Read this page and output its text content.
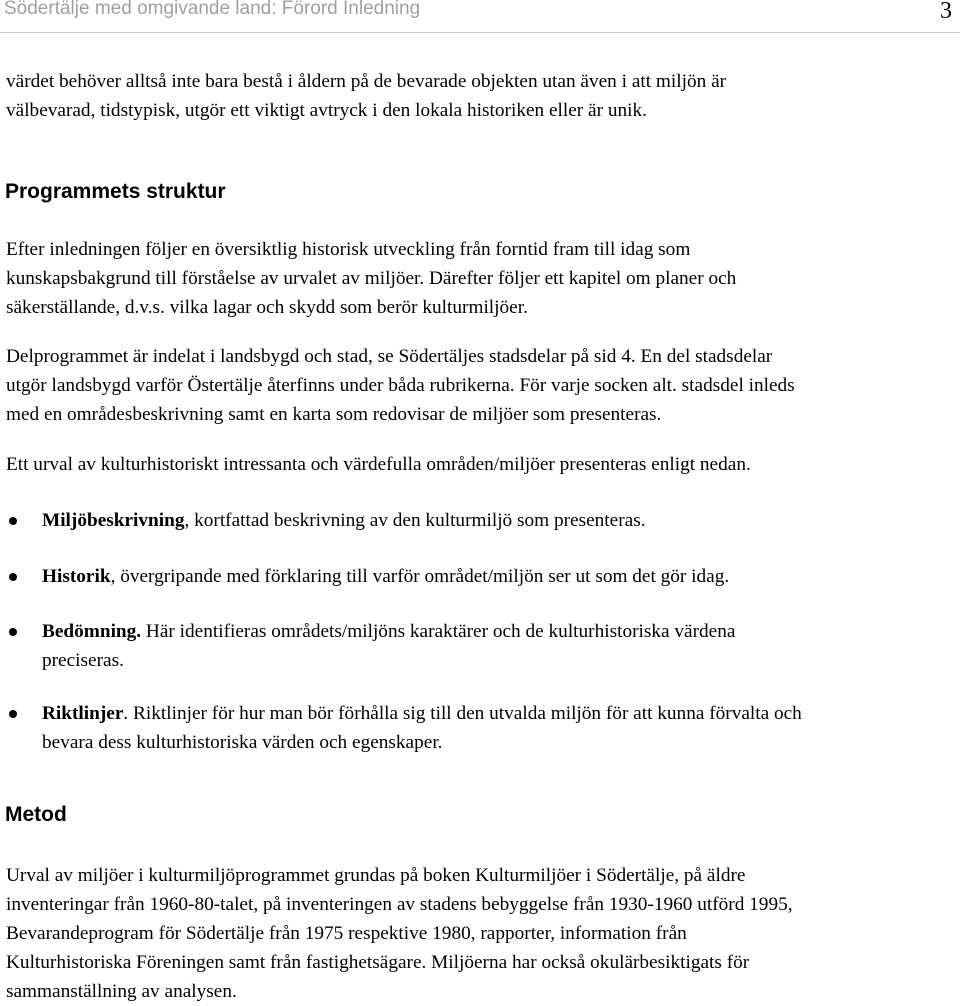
Södertälje med omgivande land: Förord Inledning	3
värdet behöver alltså inte bara bestå i åldern på de bevarade objekten utan även i att miljön är
välbevarad, tidstypisk, utgör ett viktigt avtryck i den lokala historiken eller är unik.
Programmets struktur
Efter inledningen följer en översiktlig historisk utveckling från forntid fram till idag som
kunskapsbakgrund till förståelse av urvalet av miljöer. Därefter följer ett kapitel om planer och
säkerställande, d.v.s. vilka lagar och skydd som berör kulturmiljöer.
Delprogrammet är indelat i landsbygd och stad, se Södertäljes stadsdelar på sid 4. En del stadsdelar
utgör landsbygd varför Östertälje återfinns under båda rubrikerna. För varje socken alt. stadsdel inleds
med en områdesbeskrivning samt en karta som redovisar de miljöer som presenteras.
Ett urval av kulturhistoriskt intressanta och värdefulla områden/miljöer presenteras enligt nedan.
Miljöbeskrivning, kortfattad beskrivning av den kulturmiljö som presenteras.
Historik, övergripande med förklaring till varför området/miljön ser ut som det gör idag.
Bedömning. Här identifieras områdets/miljöns karaktärer och de kulturhistoriska värdena
preciseras.
Riktlinjer. Riktlinjer för hur man bör förhålla sig till den utvalda miljön för att kunna förvalta och
bevara dess kulturhistoriska värden och egenskaper.
Metod
Urval av miljöer i kulturmiljöprogrammet grundas på boken Kulturmiljöer i Södertälje, på äldre
inventeringar från 1960-80-talet, på inventeringen av stadens bebyggelse från 1930-1960 utförd 1995,
Bevarandeprogram för Södertälje från 1975 respektive 1980, rapporter, information från
Kulturhistoriska Föreningen samt från fastighetsägare. Miljöerna har också okulärbesiktigats för
sammanställning av analysen.
